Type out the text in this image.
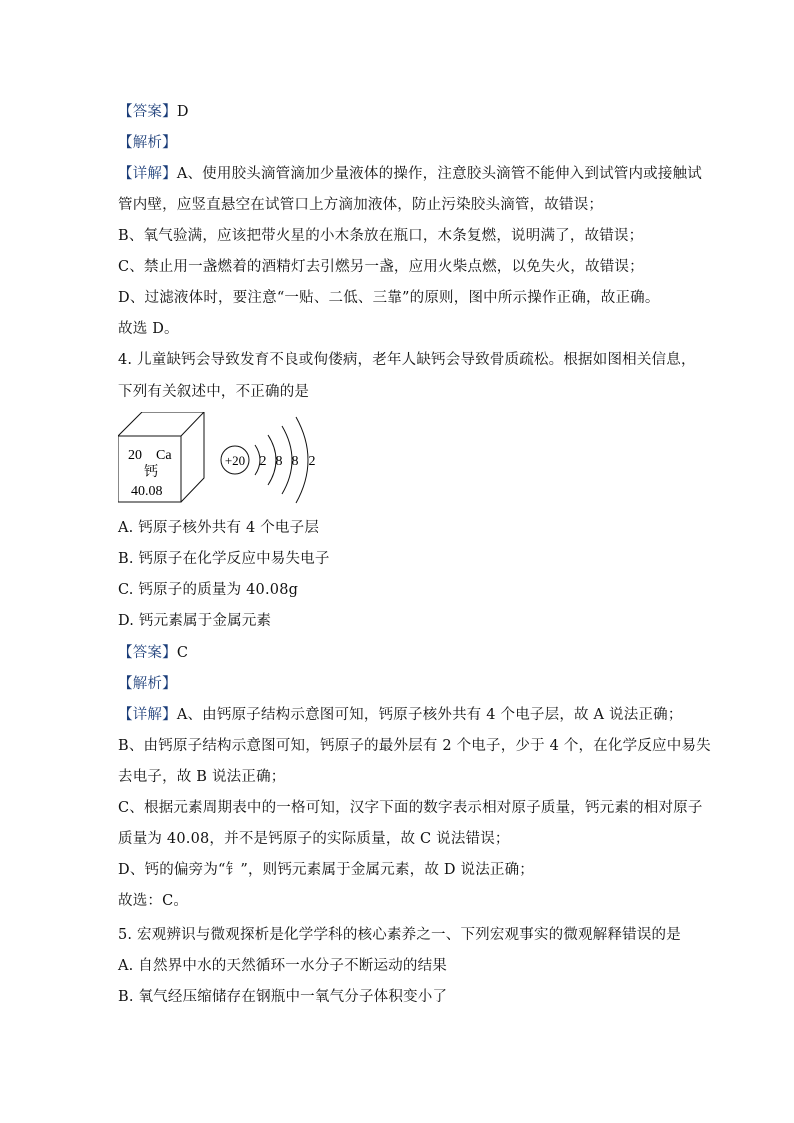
【答案】D
【解析】
【详解】A、使用胶头滴管滴加少量液体的操作，注意胶头滴管不能伸入到试管内或接触试
管内壁，应竖直悬空在试管口上方滴加液体，防止污染胶头滴管，故错误；
B、氧气验满，应该把带火星的小木条放在瓶口，木条复燃，说明满了，故错误；
C、禁止用一盏燃着的酒精灯去引燃另一盏，应用火柴点燃，以免失火，故错误；
D、过滤液体时，要注意“一贴、二低、三靠”的原则，图中所示操作正确，故正确。
故选 D。
4. 儿童缺钙会导致发育不良或佝偻病，老年人缺钙会导致骨质疏松。根据如图相关信息，
下列有关叙述中，不正确的是
20 Ca
钙
40.08
+20 2 8 8 2
A. 钙原子核外共有 4 个电子层
B. 钙原子在化学反应中易失电子
C. 钙原子的质量为 40.08g
D. 钙元素属于金属元素
【答案】C
【解析】
【详解】A、由钙原子结构示意图可知，钙原子核外共有 4 个电子层，故 A 说法正确；
B、由钙原子结构示意图可知，钙原子的最外层有 2 个电子，少于 4 个，在化学反应中易失
去电子，故 B 说法正确；
C、根据元素周期表中的一格可知，汉字下面的数字表示相对原子质量，钙元素的相对原子
质量为 40.08，并不是钙原子的实际质量，故 C 说法错误；
D、钙的偏旁为“钅”，则钙元素属于金属元素，故 D 说法正确；
故选：C。
5. 宏观辨识与微观探析是化学学科的核心素养之一、下列宏观事实的微观解释错误的是
A. 自然界中水的天然循环一水分子不断运动的结果
B. 氧气经压缩储存在钢瓶中一氧气分子体积变小了
